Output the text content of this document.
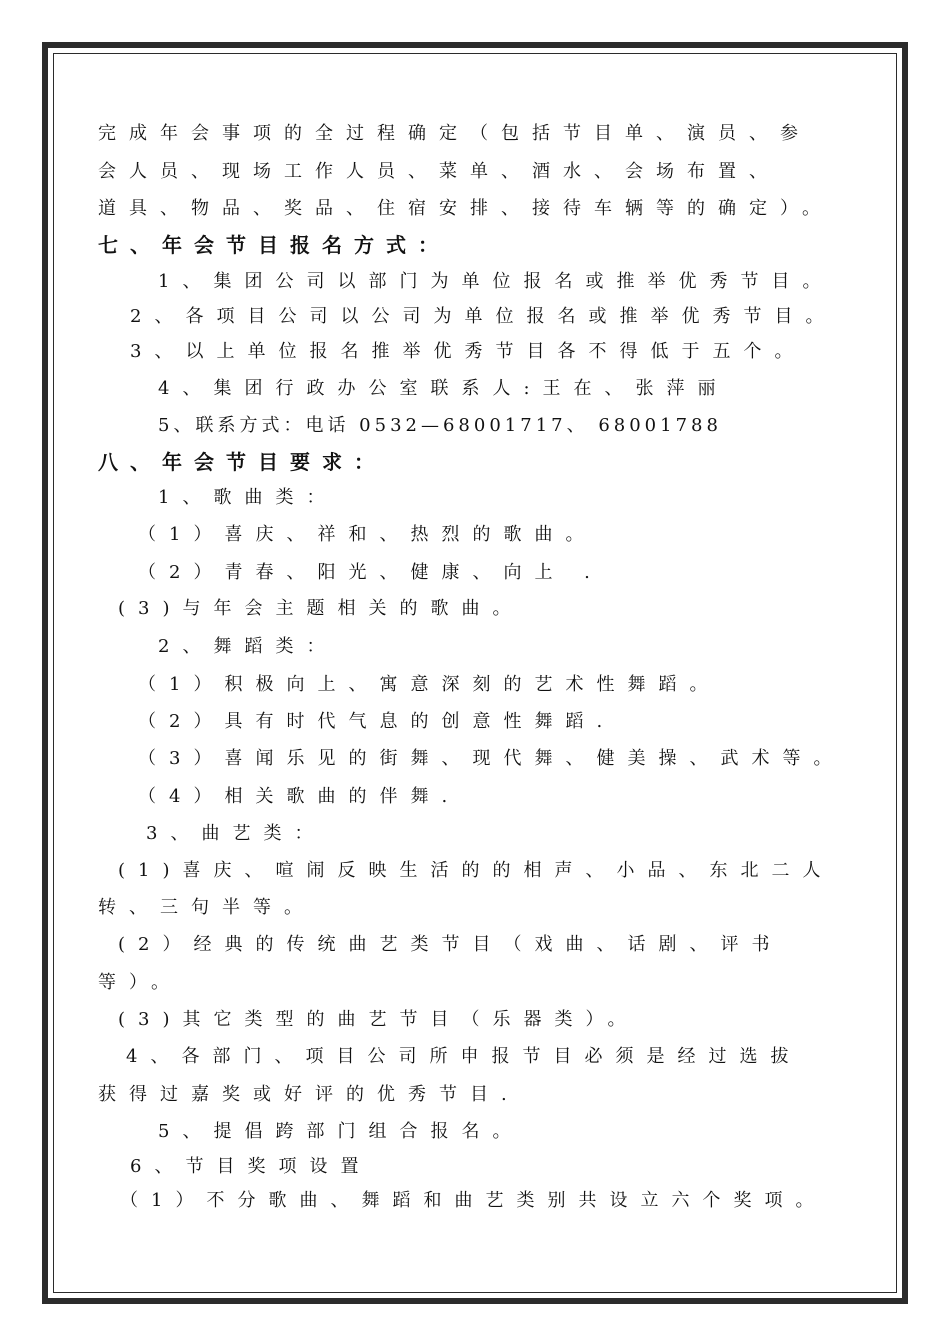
完成年会事项的全过程确定（包括节目单、演员、参
会人员、现场工作人员、菜单、酒水、会场布置、
道具、物品、奖品、住宿安排、接待车辆等的确定）。
七、年会节目报名方式：
1、集团公司以部门为单位报名或推举优秀节目。
2、各项目公司以公司为单位报名或推举优秀节目。
3、以上单位报名推举优秀节目各不得低于五个。
4、集团行政办公室联系人:王在、张萍丽
5、联系方式：电话 0532—68001717、 68001788
八、年会节目要求：
1、歌曲类：
（1）喜庆、祥和、热烈的歌曲。
（2）青春、阳光、健康、向上 .
(3)与年会主题相关的歌曲。
2、舞蹈类：
（1）积极向上、寓意深刻的艺术性舞蹈。
（2）具有时代气息的创意性舞蹈.
（3）喜闻乐见的街舞、现代舞、健美操、武术等。
（4）相关歌曲的伴舞.
3、曲艺类：
(1)喜庆、喧闹反映生活的的相声、小品、东北二人
转、三句半等。
(2）经典的传统曲艺类节目（戏曲、话剧、评书
等）。
(3)其它类型的曲艺节目（乐器类）。
4、各部门、项目公司所申报节目必须是经过选拔
获得过嘉奖或好评的优秀节目.
5、提倡跨部门组合报名。
6、节目奖项设置
（1）不分歌曲、舞蹈和曲艺类别共设立六个奖项。
